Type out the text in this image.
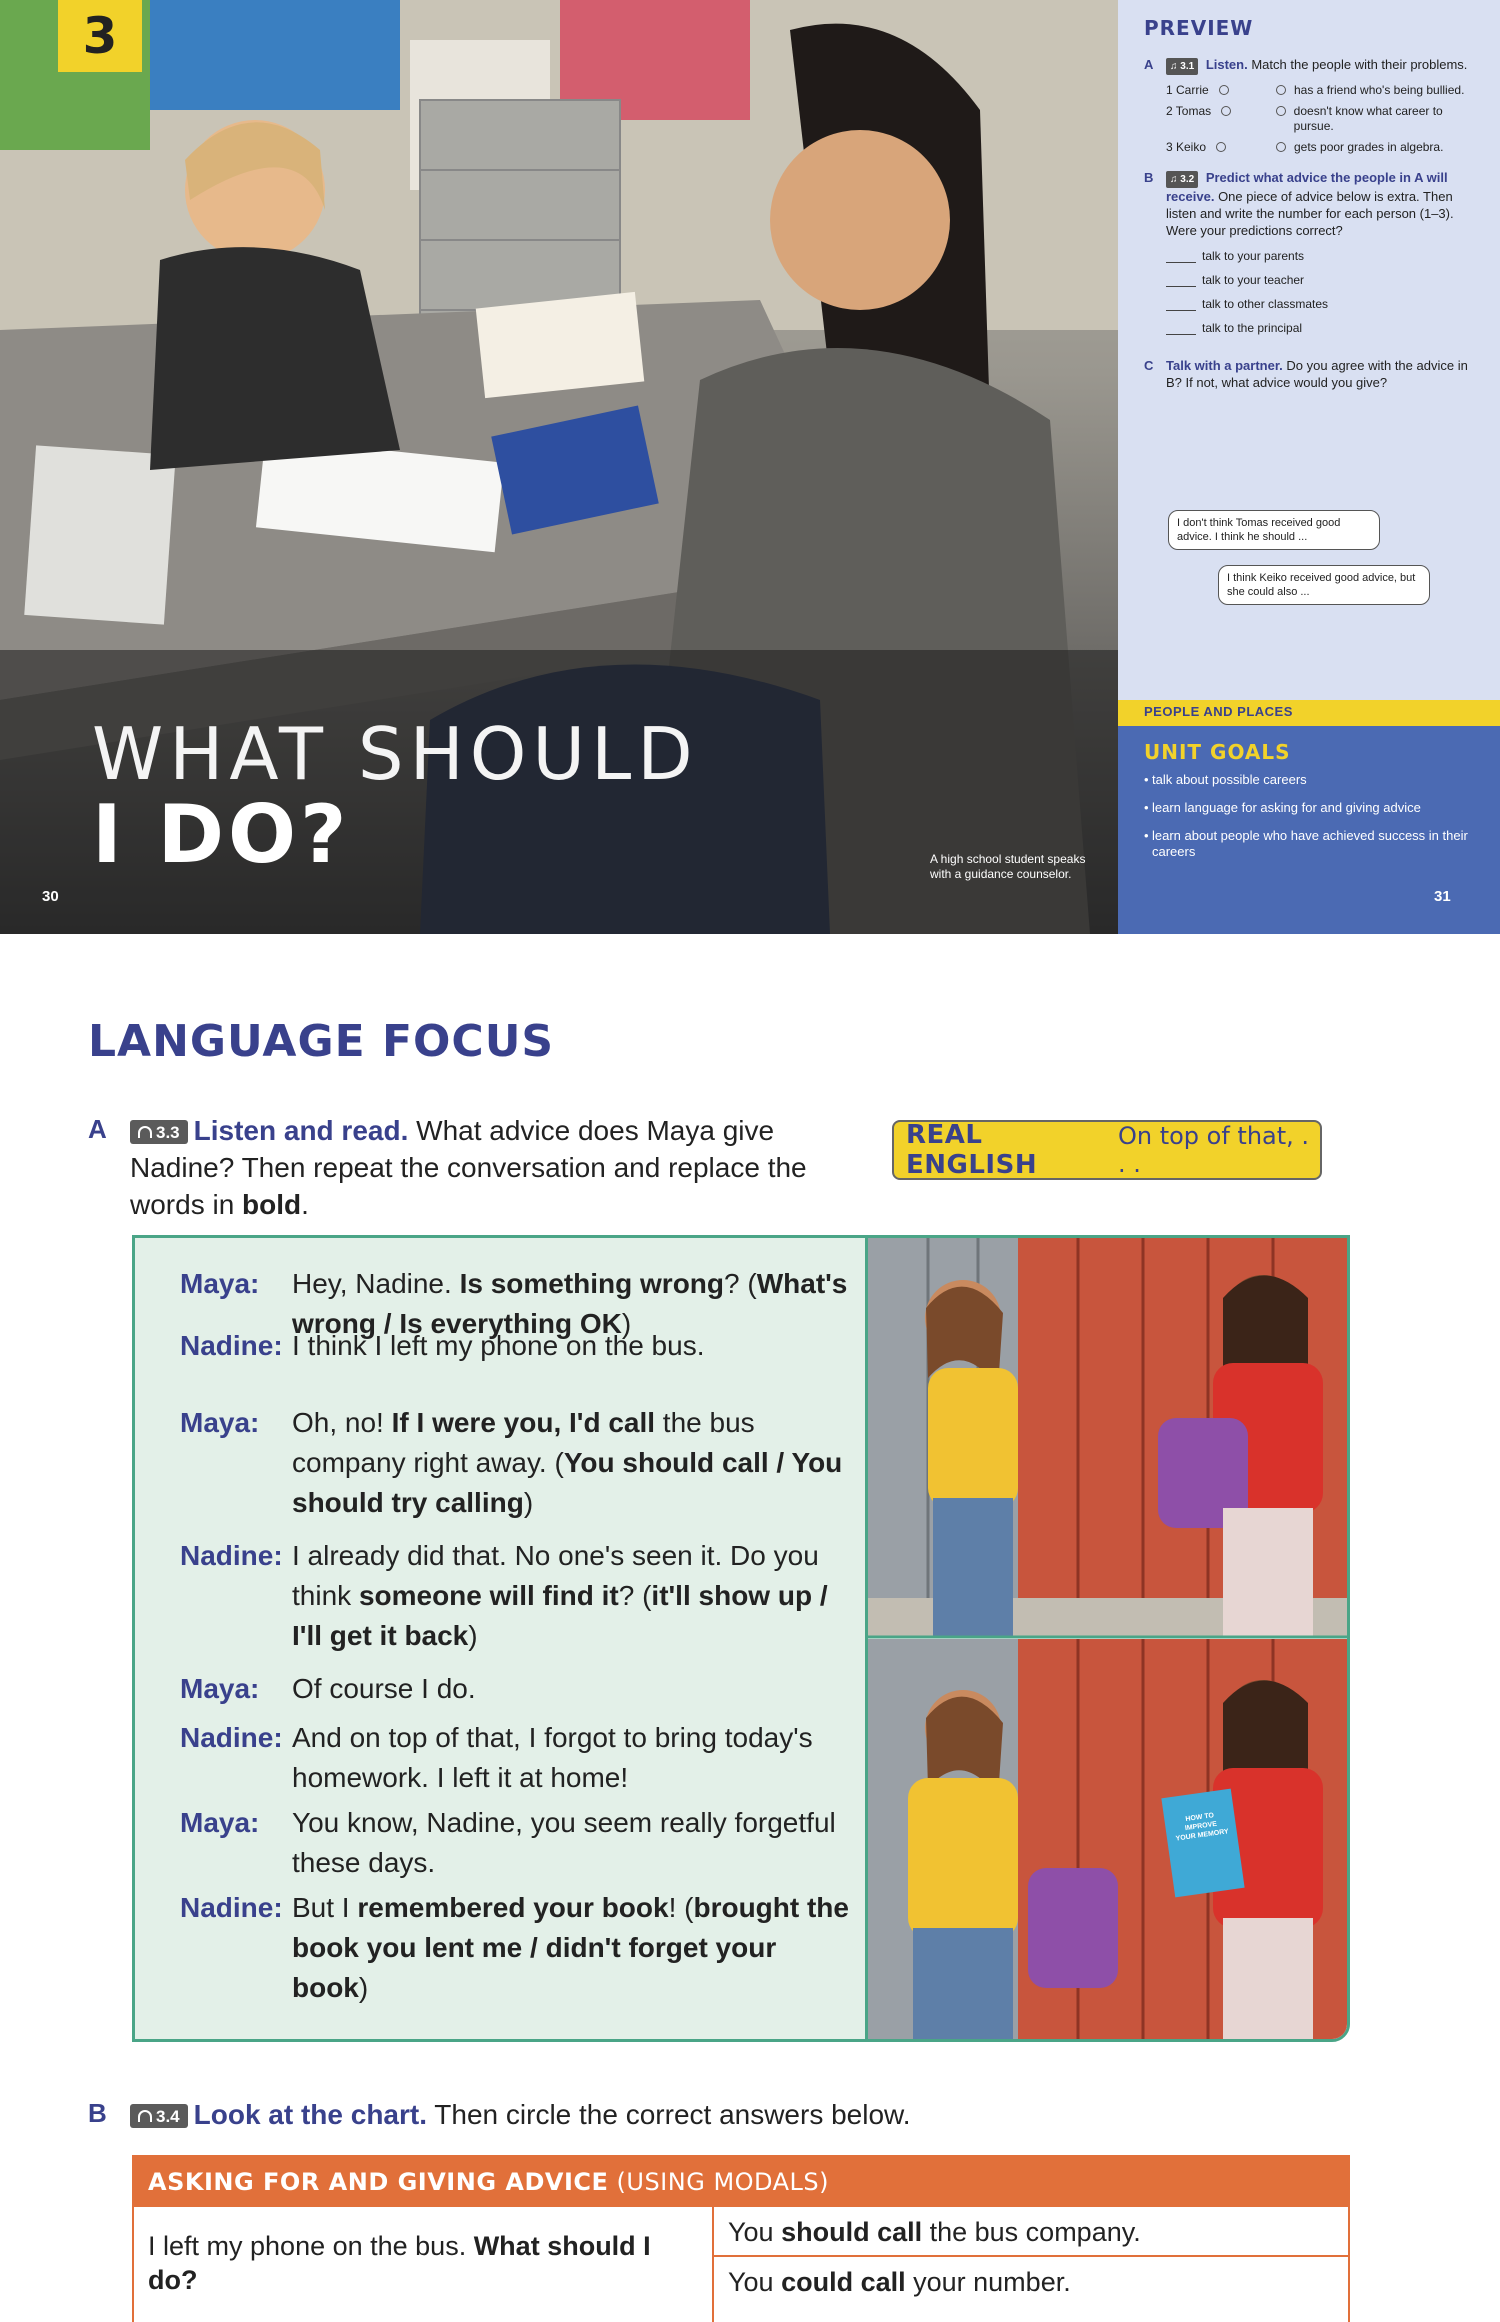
3
WHAT SHOULD
I DO?
30
A high school student speaks with a guidance counselor.
PREVIEW
A ♫ 3.1 Listen. Match the people with their problems.
1 Carrie	has a friend who's being bullied.
2 Tomas	doesn't know what career to pursue.
3 Keiko	gets poor grades in algebra.
B ♫ 3.2 Predict what advice the people in A will receive. One piece of advice below is extra. Then listen and write the number for each person (1–3). Were your predictions correct?
talk to your parents
talk to your teacher
talk to other classmates
talk to the principal
C Talk with a partner. Do you agree with the advice in B? If not, what advice would you give?
I don't think Tomas received good advice. I think he should ...
I think Keiko received good advice, but she could also ...
PEOPLE AND PLACES
UNIT GOALS
• talk about possible careers
• learn language for asking for and giving advice
• learn about people who have achieved success in their careers
31
LANGUAGE FOCUS
A	3.3 Listen and read. What advice does Maya give Nadine? Then repeat the conversation and replace the words in bold.
REAL ENGLISH
On top of that, . . .
Maya: Hey, Nadine. Is something wrong? (What's wrong / Is everything OK)
Nadine: I think I left my phone on the bus.
Maya: Oh, no! If I were you, I'd call the bus company right away. (You should call / You should try calling)
Nadine: I already did that. No one's seen it. Do you think someone will find it? (it'll show up / I'll get it back)
Maya: Of course I do.
Nadine: And on top of that, I forgot to bring today's homework. I left it at home!
Maya: You know, Nadine, you seem really forgetful these days.
Nadine: But I remembered your book! (brought the book you lent me / didn't forget your book)
HOW TO IMPROVE YOUR MEMORY
B	3.4 Look at the chart. Then circle the correct answers below.
ASKING FOR AND GIVING ADVICE (USING MODALS)
I left my phone on the bus. What should I do?
You should call the bus company.
You could call your number.
